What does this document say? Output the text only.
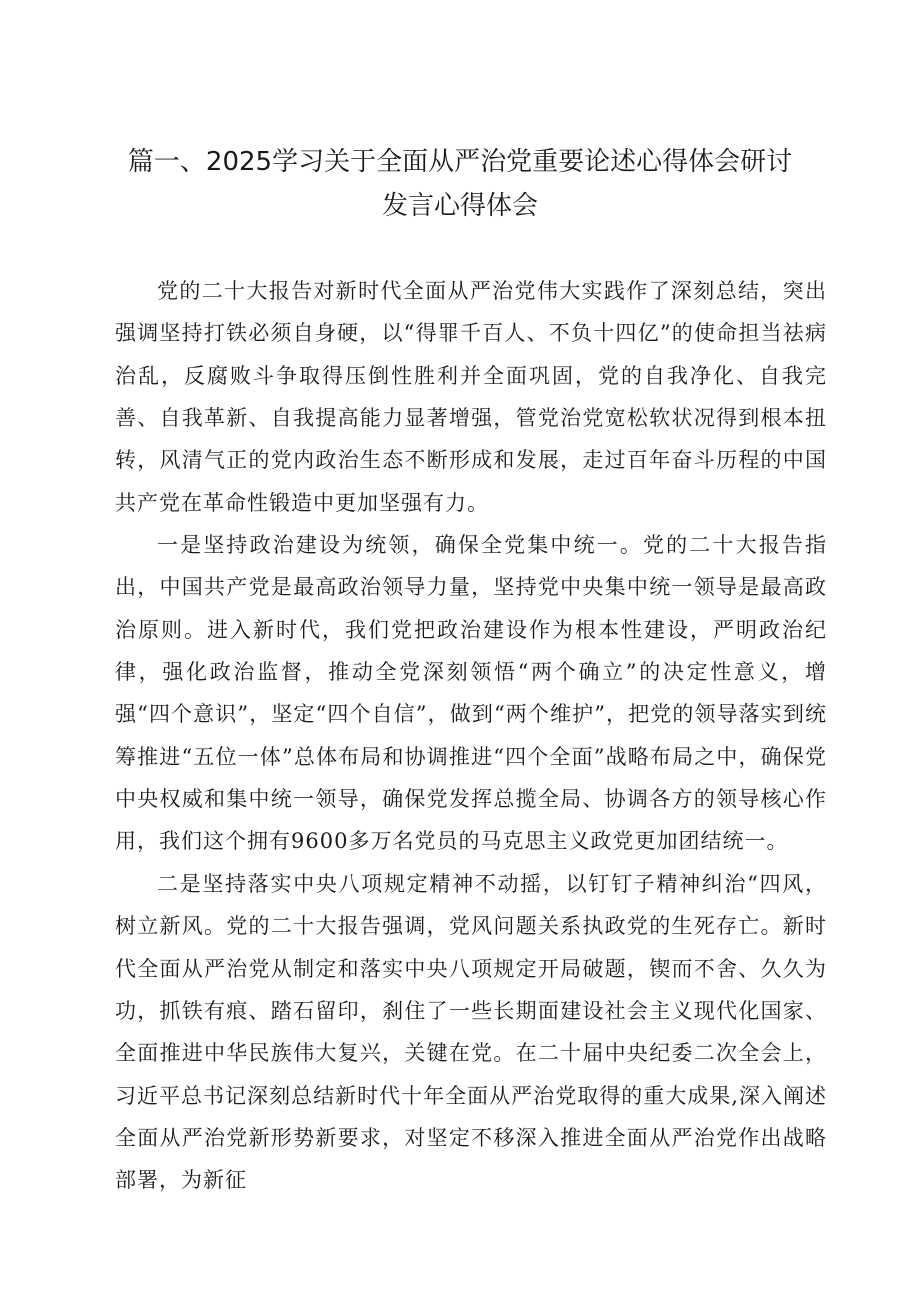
篇一、2025学习关于全面从严治党重要论述心得体会研讨
发言心得体会

党的二十大报告对新时代全面从严治党伟大实践作了深刻总结，突出强调坚持打铁必须自身硬，以“得罪千百人、不负十四亿”的使命担当祛病治乱，反腐败斗争取得压倒性胜利并全面巩固，党的自我净化、自我完善、自我革新、自我提高能力显著增强，管党治党宽松软状况得到根本扭转，风清气正的党内政治生态不断形成和发展，走过百年奋斗历程的中国共产党在革命性锻造中更加坚强有力。

一是坚持政治建设为统领，确保全党集中统一。党的二十大报告指出，中国共产党是最高政治领导力量，坚持党中央集中统一领导是最高政治原则。进入新时代，我们党把政治建设作为根本性建设，严明政治纪律，强化政治监督，推动全党深刻领悟“两个确立”的决定性意义，增强“四个意识”，坚定“四个自信”，做到“两个维护”，把党的领导落实到统筹推进“五位一体”总体布局和协调推进“四个全面”战略布局之中，确保党中央权威和集中统一领导，确保党发挥总揽全局、协调各方的领导核心作用，我们这个拥有9600多万名党员的马克思主义政党更加团结统一。

二是坚持落实中央八项规定精神不动摇，以钉钉子精神纠治“四风，树立新风。党的二十大报告强调，党风问题关系执政党的生死存亡。新时代全面从严治党从制定和落实中央八项规定开局破题，锲而不舍、久久为功，抓铁有痕、踏石留印，刹住了一些长期面建设社会主义现代化国家、全面推进中华民族伟大复兴，关键在党。在二十届中央纪委二次全会上，习近平总书记深刻总结新时代十年全面从严治党取得的重大成果,深入阐述全面从严治党新形势新要求，对坚定不移深入推进全面从严治党作出战略部署，为新征
